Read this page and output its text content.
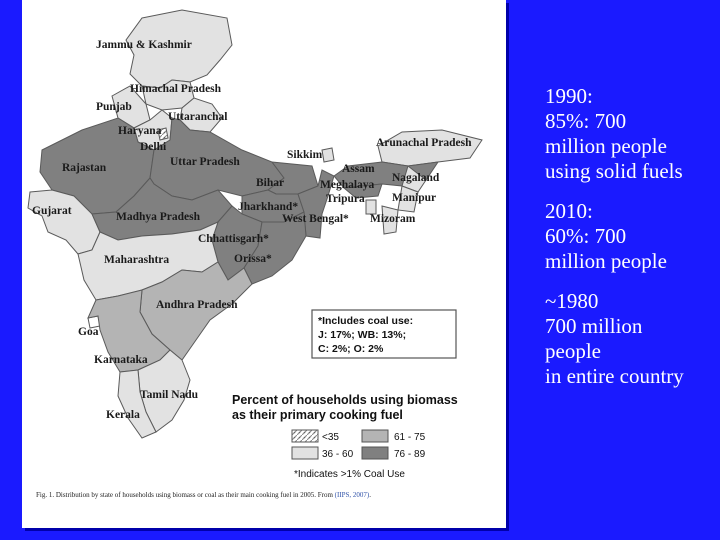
Jammu & Kashmir
Himachal Pradesh
Punjab
Uttaranchal
Haryana
Delhi
Rajastan	Uttar Pradesh
Sikkim
Arunachal Pradesh
Assam
Nagaland
Bihar	Meghalaya
Manipur
Tripura
Jharkhand*
West Bengal* Mizoram
Gujarat	Madhya Pradesh
Chhattisgarh*
Orissa*
Maharashtra
Andhra Pradesh
Goa
Karnataka
Tamil Nadu
Kerala
*Includes coal use:
J: 17%; WB: 13%;
C: 2%; O: 2%
Percent of households using biomass
as their primary cooking fuel
<35	61 - 75
36 - 60	76 - 89
*Indicates >1% Coal Use
Fig. 1. Distribution by state of households using biomass or coal as their main cooking fuel in 2005. From (IIPS, 2007).
1990:
85%: 700
million people
using solid fuels
2010:
60%: 700
million people
~1980
700 million
people
in entire country
